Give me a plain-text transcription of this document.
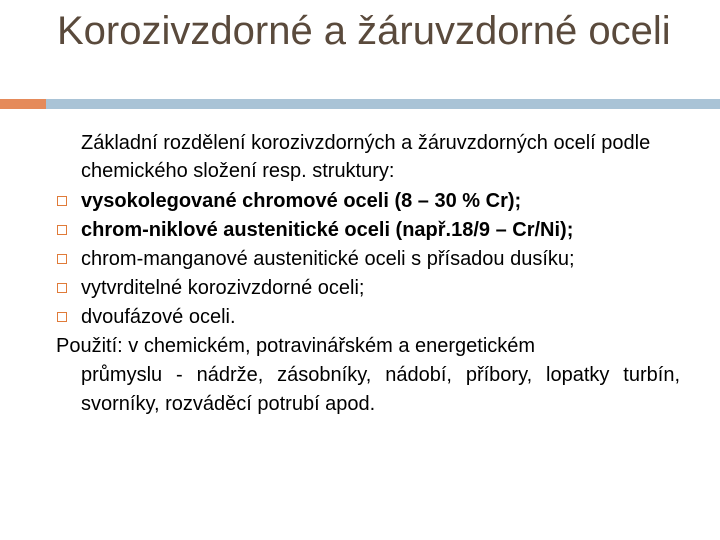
Korozivzdorné a žáruvzdorné oceli

Základní rozdělení korozivzdorných a žáruvzdorných ocelí podle chemického složení resp. struktury:

vysokolegované chromové oceli (8 – 30 % Cr);
chrom-niklové austenitické oceli (např.18/9 – Cr/Ni);
chrom-manganové austenitické oceli s přísadou dusíku;
vytvrditelné korozivzdorné oceli;
dvoufázové oceli.
Použití: v chemickém, potravinářském a energetickém
průmyslu - nádrže, zásobníky, nádobí, příbory, lopatky turbín, svorníky, rozváděcí potrubí apod.
